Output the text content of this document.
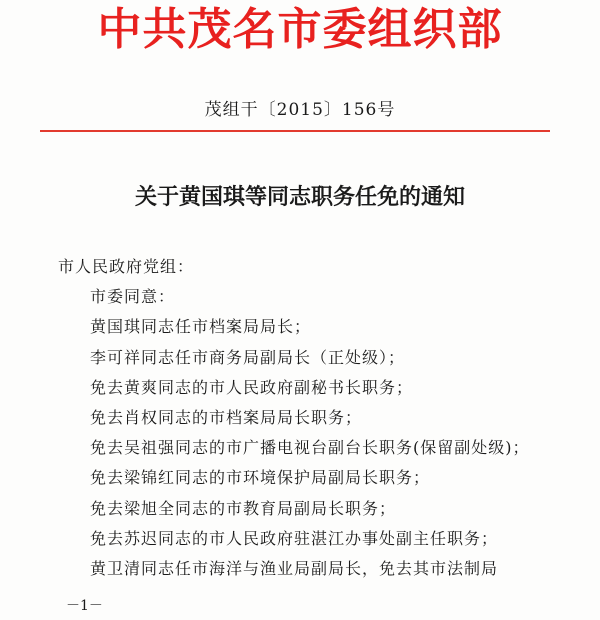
中共茂名市委组织部
茂组干〔2015〕156号
关于黄国琪等同志职务任免的通知
市人民政府党组：
市委同意：
黄国琪同志任市档案局局长；
李可祥同志任市商务局副局长（正处级）；
免去黄爽同志的市人民政府副秘书长职务；
免去肖权同志的市档案局局长职务；
免去吴祖强同志的市广播电视台副台长职务(保留副处级)；
免去梁锦红同志的市环境保护局副局长职务；
免去梁旭全同志的市教育局副局长职务；
免去苏迟同志的市人民政府驻湛江办事处副主任职务；
黄卫清同志任市海洋与渔业局副局长，免去其市法制局
－1－
